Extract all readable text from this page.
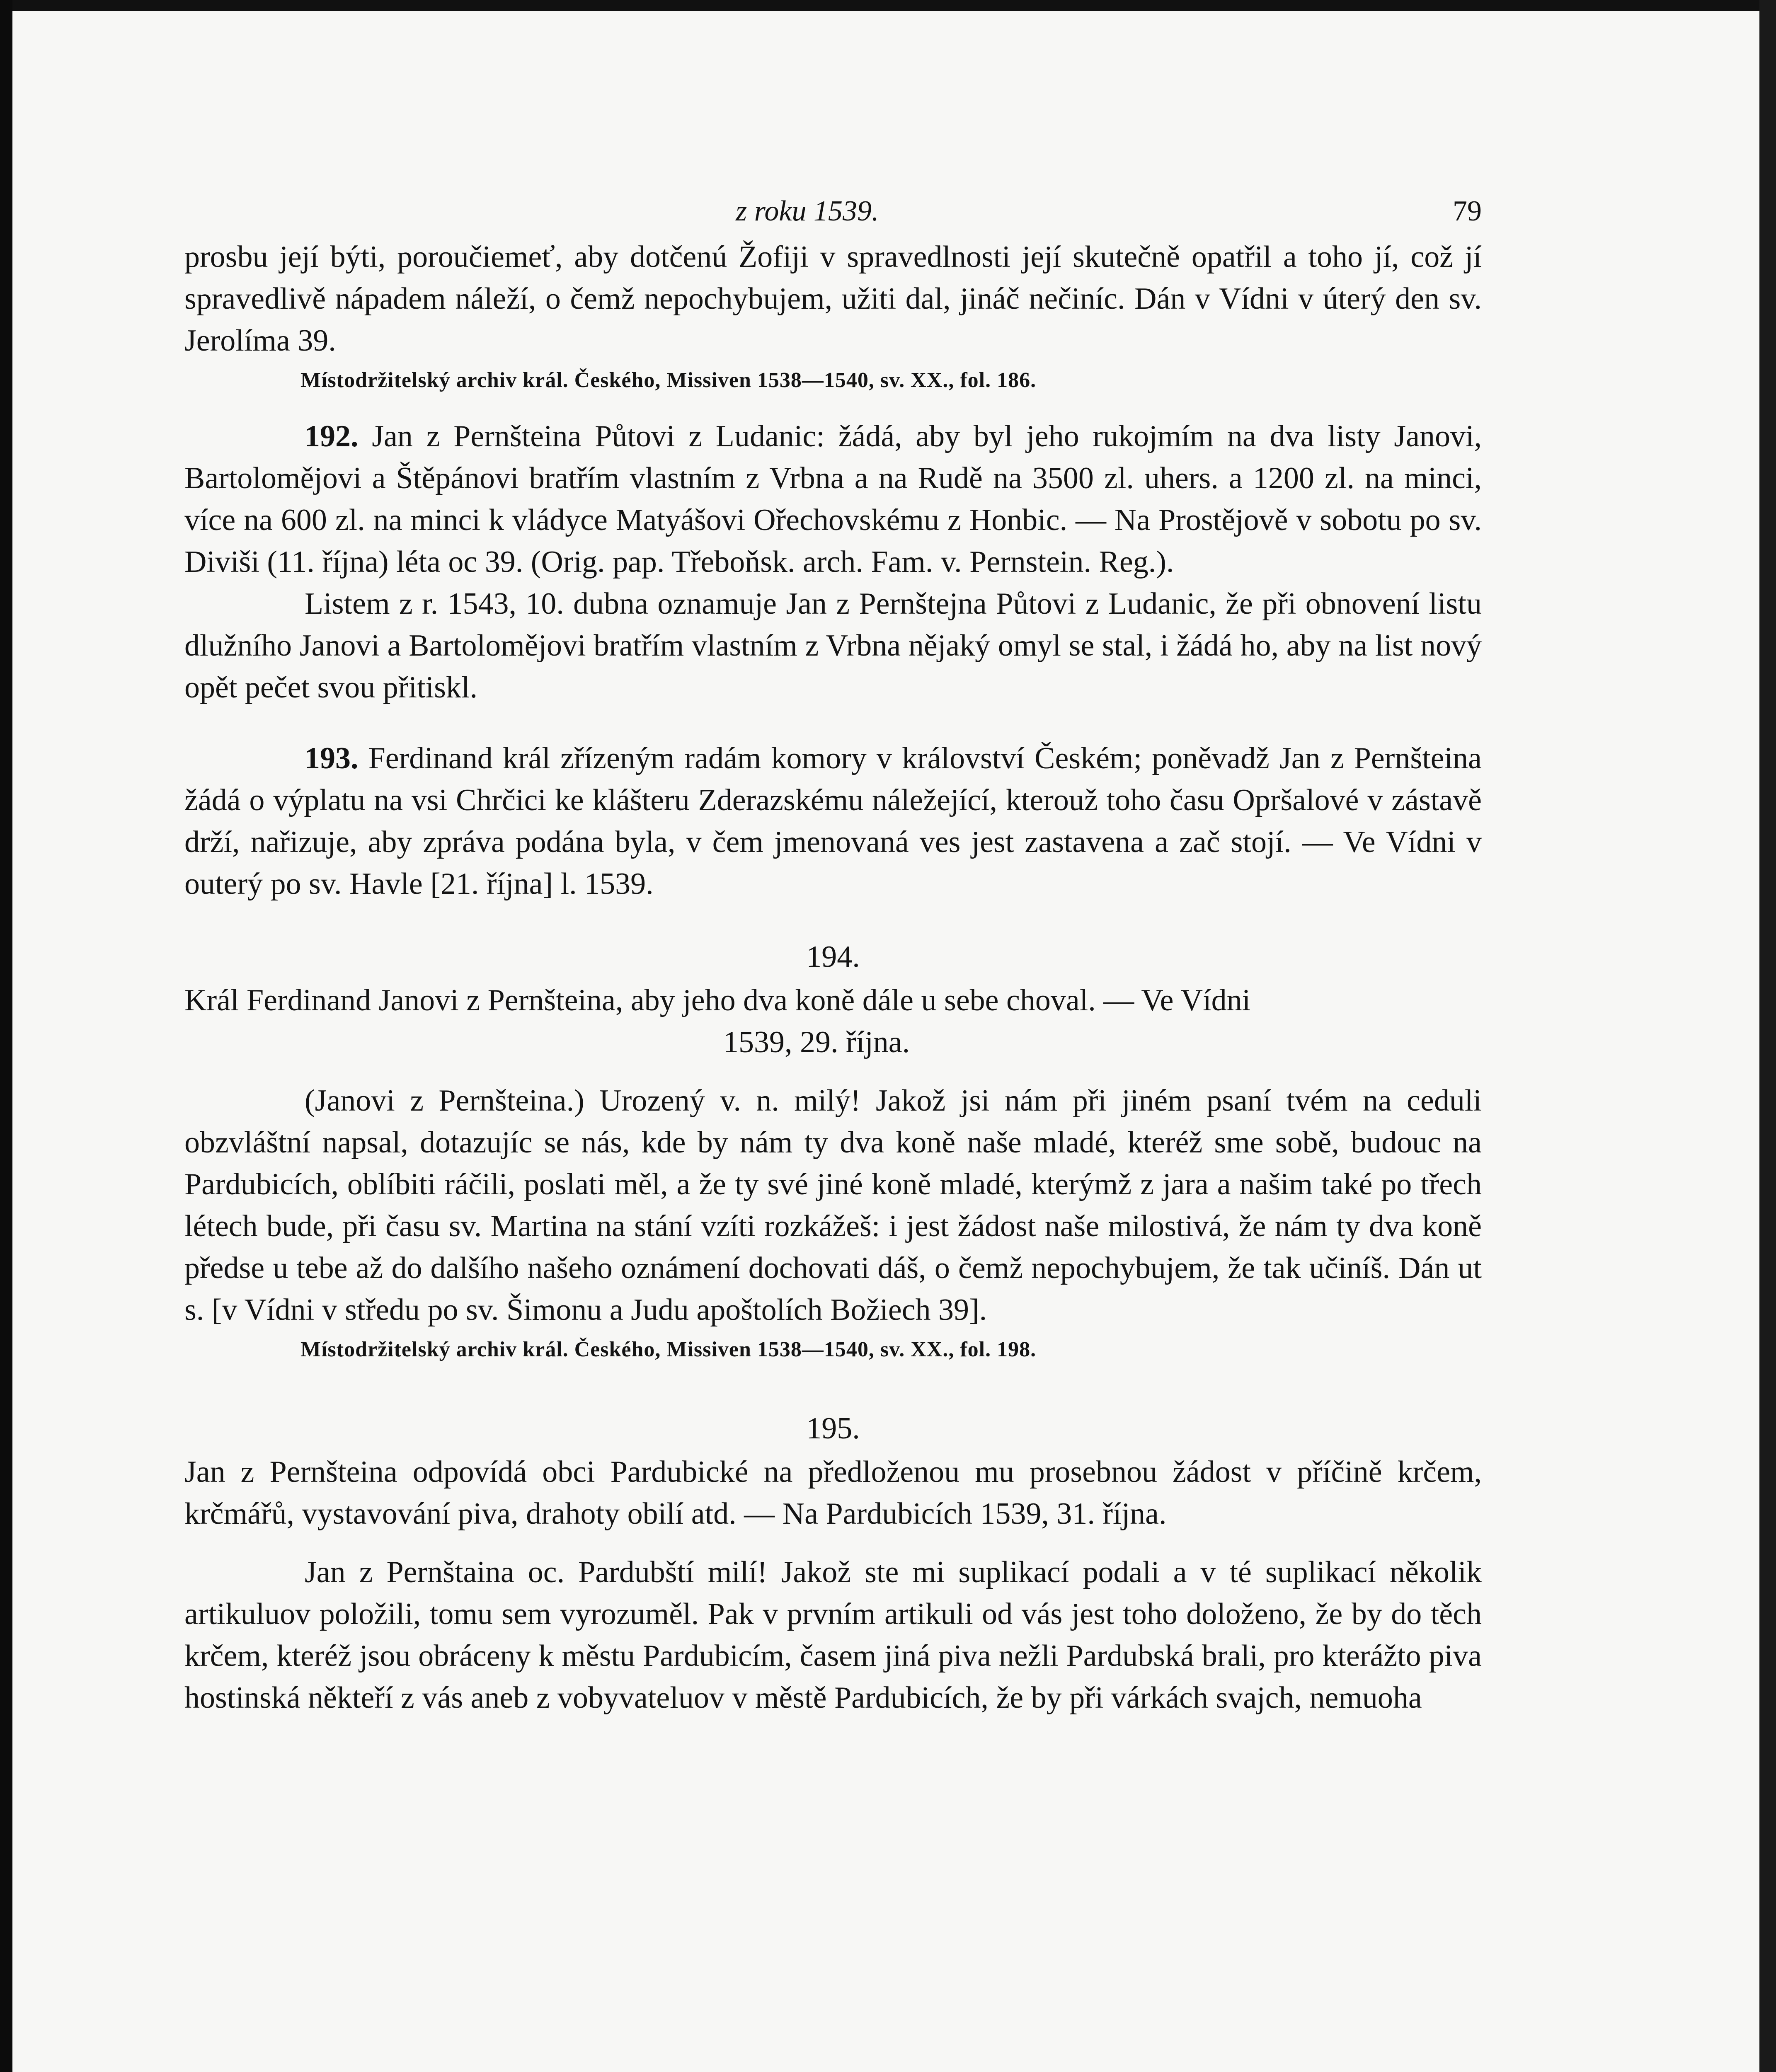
z roku 1539.	79

prosbu její býti, poroučiemeť, aby dotčenú Žofiji v spravedlnosti její skutečně opatřil a toho jí, což jí spravedlivě nápadem náleží, o čemž nepochybujem, užiti dal, jináč nečiníc. Dán v Vídni v úterý den sv. Jerolíma 39.

Místodržitelský archiv král. Českého, Missiven 1538—1540, sv. XX., fol. 186.

192. Jan z Pernšteina Půtovi z Ludanic: žádá, aby byl jeho rukojmím na dva listy Janovi, Bartolomějovi a Štěpánovi bratřím vlastním z Vrbna a na Rudě na 3500 zl. uhers. a 1200 zl. na minci, více na 600 zl. na minci k vládyce Matyášovi Ořechovskému z Honbic. — Na Prostějově v sobotu po sv. Diviši (11. října) léta oc 39. (Orig. pap. Třeboňsk. arch. Fam. v. Pernstein. Reg.).

Listem z r. 1543, 10. dubna oznamuje Jan z Pernštejna Půtovi z Ludanic, že při obnovení listu dlužního Janovi a Bartolomějovi bratřím vlastním z Vrbna nějaký omyl se stal, i žádá ho, aby na list nový opět pečet svou přitiskl.

193. Ferdinand král zřízeným radám komory v království Českém; poněvadž Jan z Pernšteina žádá o výplatu na vsi Chrčici ke klášteru Zderazskému náležející, kterouž toho času Opršalové v zástavě drží, nařizuje, aby zpráva podána byla, v čem jmenovaná ves jest zastavena a zač stojí. — Ve Vídni v outerý po sv. Havle [21. října] l. 1539.

194.

Král Ferdinand Janovi z Pernšteina, aby jeho dva koně dále u sebe choval. — Ve Vídni

1539, 29. října.

(Janovi z Pernšteina.) Urozený v. n. milý! Jakož jsi nám při jiném psaní tvém na ceduli obzvláštní napsal, dotazujíc se nás, kde by nám ty dva koně naše mladé, kteréž sme sobě, budouc na Pardubicích, oblíbiti ráčili, poslati měl, a že ty své jiné koně mladé, kterýmž z jara a našim také po třech létech bude, při času sv. Martina na stání vzíti rozkážeš: i jest žádost naše milostivá, že nám ty dva koně předse u tebe až do dalšího našeho oznámení dochovati dáš, o čemž nepochybujem, že tak učiníš. Dán ut s. [v Vídni v středu po sv. Šimonu a Judu apoštolích Božiech 39].

Místodržitelský archiv král. Českého, Missiven 1538—1540, sv. XX., fol. 198.

195.

Jan z Pernšteina odpovídá obci Pardubické na předloženou mu prosebnou žádost v příčině krčem, krčmářů, vystavování piva, drahoty obilí atd. — Na Pardubicích 1539, 31. října.

Jan z Pernštaina oc. Pardubští milí! Jakož ste mi suplikací podali a v té suplikací několik artikuluov položili, tomu sem vyrozuměl. Pak v prvním artikuli od vás jest toho doloženo, že by do těch krčem, kteréž jsou obráceny k městu Pardubicím, časem jiná piva nežli Pardubská brali, pro kterážto piva hostinská někteří z vás aneb z vobyvateluov v městě Pardubicích, že by při várkách svajch, nemuoha
